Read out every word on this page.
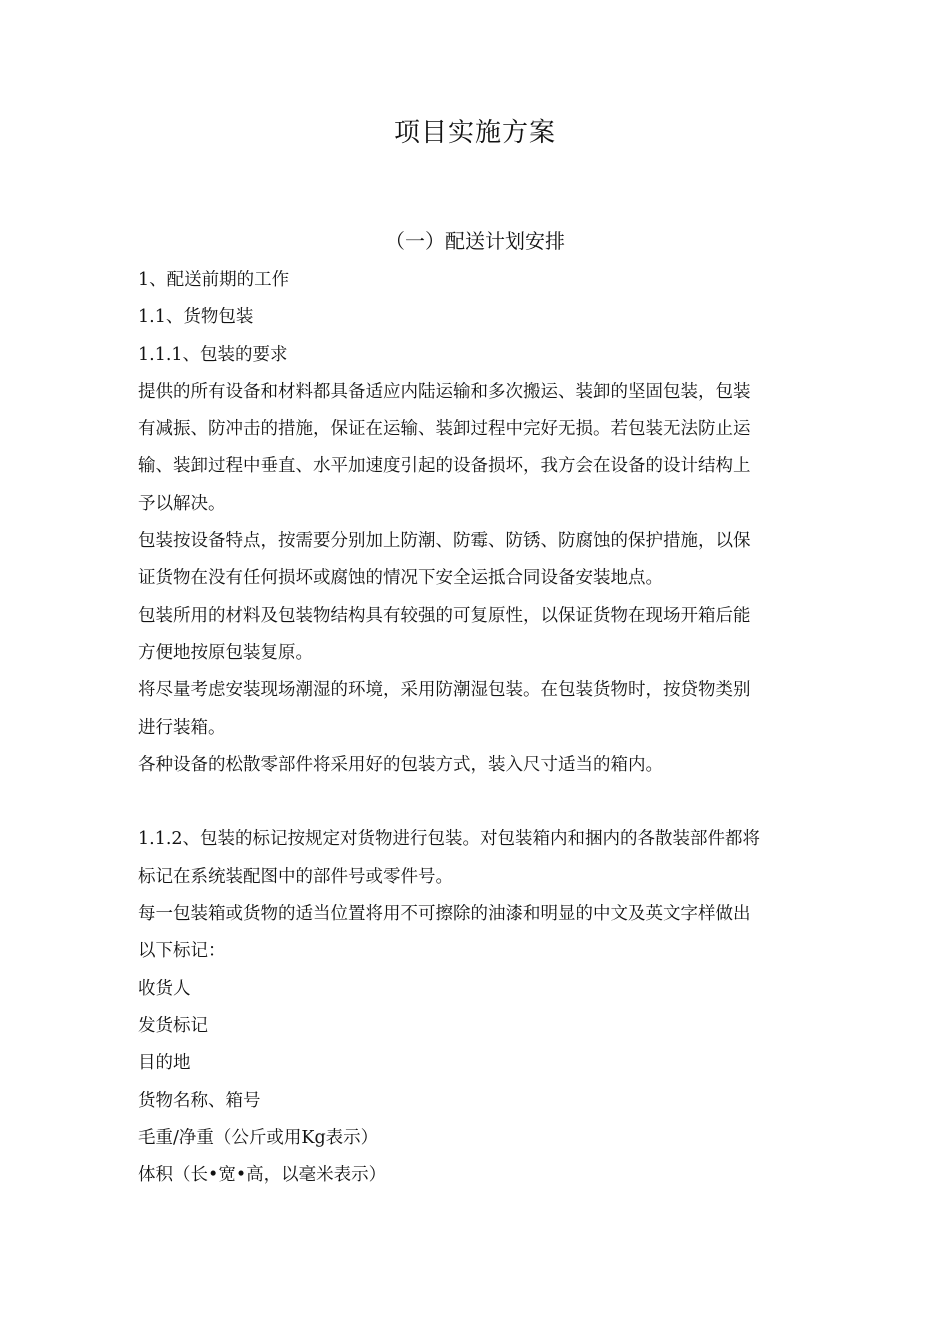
项目实施方案
（一）配送计划安排
1、配送前期的工作
1.1、货物包装
1.1.1、包装的要求
提供的所有设备和材料都具备适应内陆运输和多次搬运、装卸的坚固包装，包装
有减振、防冲击的措施，保证在运输、装卸过程中完好无损。若包装无法防止运
输、装卸过程中垂直、水平加速度引起的设备损坏，我方会在设备的设计结构上
予以解决。
包装按设备特点，按需要分别加上防潮、防霉、防锈、防腐蚀的保护措施，以保
证货物在没有任何损坏或腐蚀的情况下安全运抵合同设备安装地点。
包装所用的材料及包装物结构具有较强的可复原性，以保证货物在现场开箱后能
方便地按原包装复原。
将尽量考虑安装现场潮湿的环境，采用防潮湿包装。在包装货物时，按贷物类别
进行装箱。
各种设备的松散零部件将采用好的包装方式，装入尺寸适当的箱内。
1.1.2、包装的标记按规定对货物进行包装。对包装箱内和捆内的各散装部件都将
标记在系统装配图中的部件号或零件号。
每一包装箱或货物的适当位置将用不可擦除的油漆和明显的中文及英文字样做出
以下标记：
收货人
发货标记
目的地
货物名称、箱号
毛重/净重（公斤或用Kg表示）
体积（长•宽•高，以毫米表示）
